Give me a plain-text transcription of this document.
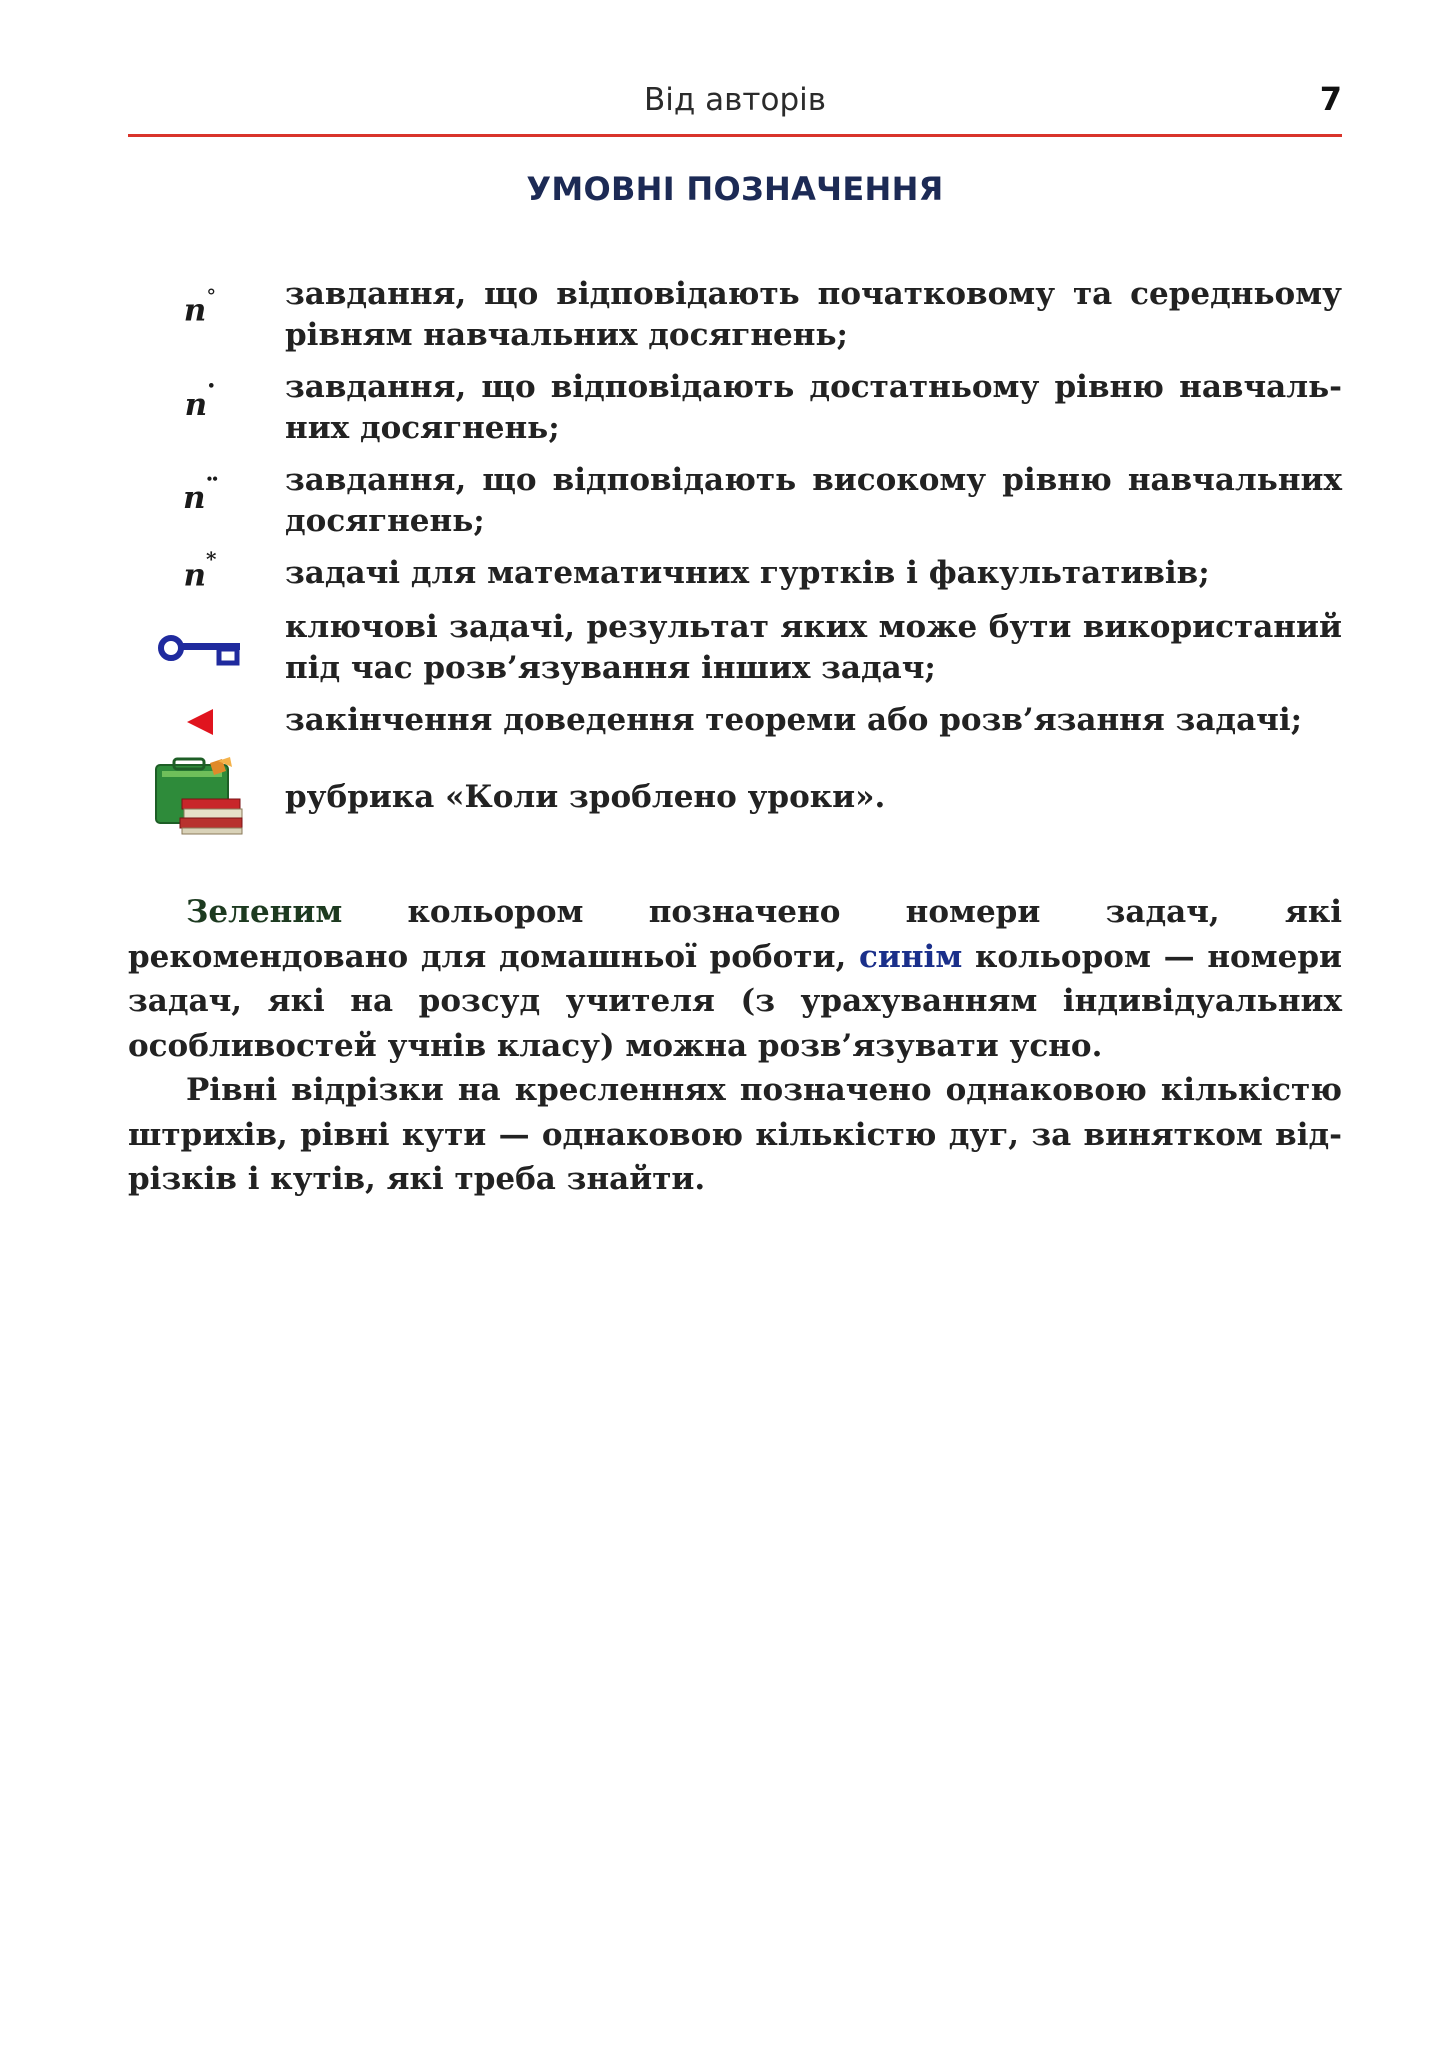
Від авторів	7
УМОВНІ ПОЗНАЧЕННЯ
n° завдання, що відповідають початковому та середньому рівням навчальних досягнень;
n• завдання, що відповідають достатньому рівню навчаль-них досягнень;
n•• завдання, що відповідають високому рівню навчальних досягнень;
n* задачі для математичних гуртків і факультативів;
ключові задачі, результат яких може бути використаний під час розв’язування інших задач;
закінчення доведення теореми або розв’язання задачі;
рубрика «Коли зроблено уроки».
Зеленим кольором позначено номери задач, які рекомендовано для домашньої роботи, синім кольором — номери задач, які на розсуд учителя (з урахуванням індивідуальних особливостей учнів класу) можна розв’язувати усно.
Рівні відрізки на кресленнях позначено однаковою кількістю штрихів, рівні кути — однаковою кількістю дуг, за винятком від-різків і кутів, які треба знайти.
